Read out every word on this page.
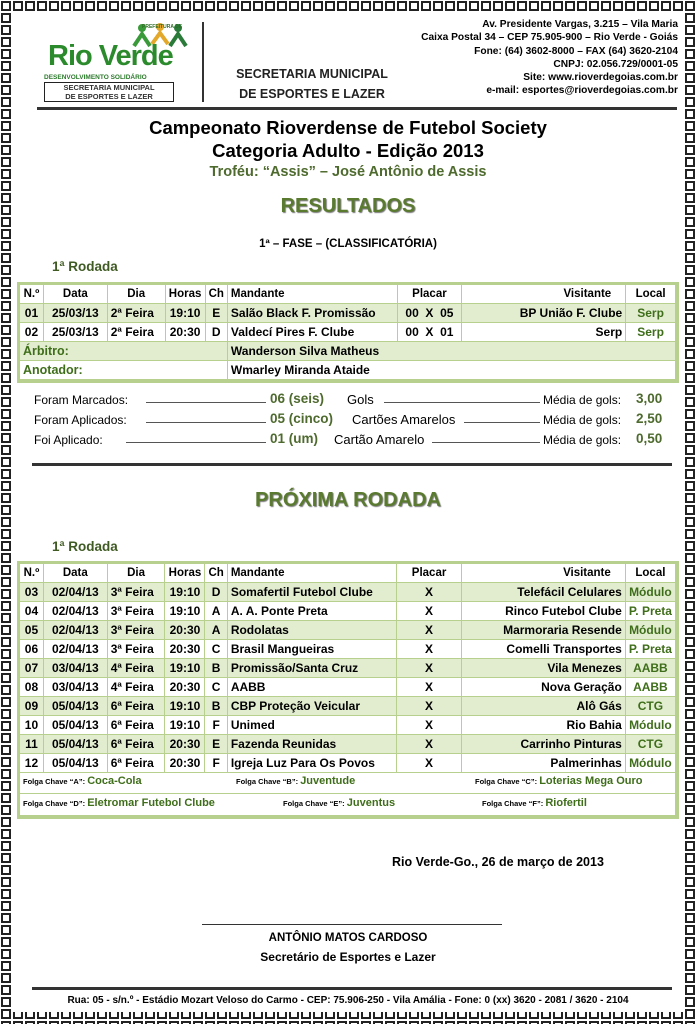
PREFEITURA DE
Rio Verde
DESENVOLVIMENTO SOLIDÁRIO
SECRETARIA MUNICIPAL
DE ESPORTES E LAZER
SECRETARIA MUNICIPAL
DE ESPORTES E LAZER
Av. Presidente Vargas, 3.215 – Vila Maria
Caixa Postal 34 – CEP 75.905-900 – Rio Verde - Goiás
Fone: (64) 3602-8000 – FAX (64) 3620-2104
CNPJ: 02.056.729/0001-05
Site: www.rioverdegoias.com.br
e-mail: esportes@rioverdegoias.com.br
Campeonato Rioverdense de Futebol Society
Categoria Adulto - Edição 2013
Troféu: “Assis” – José Antônio de Assis
RESULTADOS
1ª – FASE – (CLASSIFICATÓRIA)
1ª Rodada
N.º	Data	Dia	Horas	Ch	Mandante	Placar	Visitante	Local
01	25/03/13	2ª Feira	19:10	E	Salão Black F. Promissão	00 X 05	BP União F. Clube	Serp
02	25/03/13	2ª Feira	20:30	D	Valdecí Pires F. Clube	00 X 01	Serp	Serp
Árbitro:					Wanderson Silva Matheus			
Anotador:					Wmarley Miranda Ataide			
Foram Marcados:	06 (seis) Gols	Média de gols: 3,00
Foram Aplicados:	05 (cinco) Cartões Amarelos	Média de gols: 2,50
Foi Aplicado:	01 (um) Cartão Amarelo	Média de gols: 0,50
PRÓXIMA RODADA
1ª Rodada
N.º	Data	Dia	Horas	Ch	Mandante	Placar	Visitante	Local
03	02/04/13	3ª Feira	19:10	D	Somafertil Futebol Clube	X	Telefácil Celulares	Módulo
04	02/04/13	3ª Feira	19:10	A	A. A. Ponte Preta	X	Rinco Futebol Clube	P. Preta
05	02/04/13	3ª Feira	20:30	A	Rodolatas	X	Marmoraria Resende	Módulo
06	02/04/13	3ª Feira	20:30	C	Brasil Mangueiras	X	Comelli Transportes	P. Preta
07	03/04/13	4ª Feira	19:10	B	Promissão/Santa Cruz	X	Vila Menezes	AABB
08	03/04/13	4ª Feira	20:30	C	AABB	X	Nova Geração	AABB
09	05/04/13	6ª Feira	19:10	B	CBP Proteção Veicular	X	Alô Gás	CTG
10	05/04/13	6ª Feira	19:10	F	Unimed	X	Rio Bahia	Módulo
11	05/04/13	6ª Feira	20:30	E	Fazenda Reunidas	X	Carrinho Pinturas	CTG
12	05/04/13	6ª Feira	20:30	F	Igreja Luz Para Os Povos	X	Palmerinhas	Módulo

Folga Chave “A”: Coca-Cola Folga Chave “B”: Juventude Folga Chave “C”: Loterias Mega Ouro								

Folga Chave “D”: Eletromar Futebol Clube Folga Chave “E”: Juventus Folga Chave “F”: Riofertil								
Rio Verde-Go., 26 de março de 2013
ANTÔNIO MATOS CARDOSO
Secretário de Esportes e Lazer
Rua: 05 - s/n.º - Estádio Mozart Veloso do Carmo - CEP: 75.906-250 - Vila Amália - Fone: 0 (xx) 3620 - 2081 / 3620 - 2104
